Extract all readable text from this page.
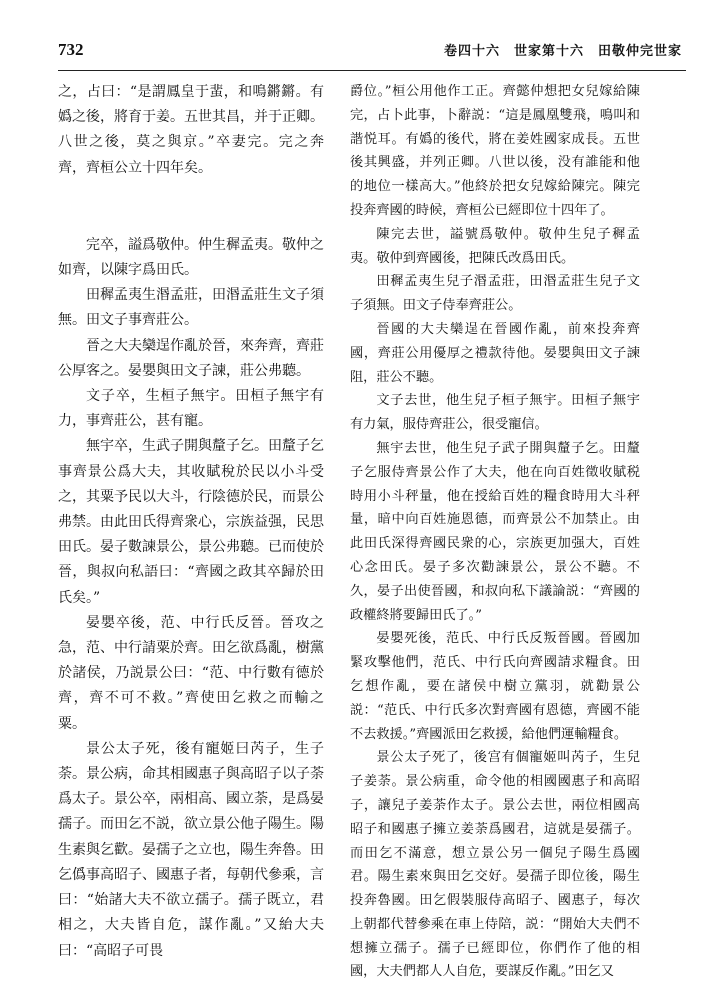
732	卷四十六　世家第十六　田敬仲完世家

之，占曰：“是謂鳳皇于蜚，和鳴鏘鏘。有嬀之後，將育于姜。五世其昌，并于正卿。八世之後，莫之與京。”卒妻完。完之奔齊，齊桓公立十四年矣。

完卒，謚爲敬仲。仲生穉孟夷。敬仲之如齊，以陳字爲田氏。

田穉孟夷生湣孟莊，田湣孟莊生文子須無。田文子事齊莊公。

晉之大夫欒逞作亂於晉，來奔齊，齊莊公厚客之。晏嬰與田文子諫，莊公弗聽。

文子卒，生桓子無宇。田桓子無宇有力，事齊莊公，甚有寵。

無宇卒，生武子開與釐子乞。田釐子乞事齊景公爲大夫，其收賦稅於民以小斗受之，其粟予民以大斗，行陰德於民，而景公弗禁。由此田氏得齊衆心，宗族益强，民思田氏。晏子數諫景公，景公弗聽。已而使於晉，與叔向私語曰：“齊國之政其卒歸於田氏矣。”

晏嬰卒後，范、中行氏反晉。晉攻之急，范、中行請粟於齊。田乞欲爲亂，樹黨於諸侯，乃説景公曰：“范、中行數有德於齊，齊不可不救。”齊使田乞救之而輸之粟。

景公太子死，後有寵姬曰芮子，生子荼。景公病，命其相國惠子與高昭子以子荼爲太子。景公卒，兩相高、國立荼，是爲晏孺子。而田乞不説，欲立景公他子陽生。陽生素與乞歡。晏孺子之立也，陽生奔魯。田乞僞事高昭子、國惠子者，每朝代參乘，言曰：“始諸大夫不欲立孺子。孺子既立，君相之，大夫皆自危，謀作亂。”又紿大夫曰：“高昭子可畏

爵位。”桓公用他作工正。齊懿仲想把女兒嫁給陳完，占卜此事，卜辭説：“這是鳳凰雙飛，鳴叫和諧悦耳。有嬀的後代，將在姜姓國家成長。五世後其興盛，并列正卿。八世以後，没有誰能和他的地位一樣高大。”他終於把女兒嫁給陳完。陳完投奔齊國的時候，齊桓公已經即位十四年了。

陳完去世，謚號爲敬仲。敬仲生兒子穉孟夷。敬仲到齊國後，把陳氏改爲田氏。

田穉孟夷生兒子湣孟莊，田湣孟莊生兒子文子須無。田文子侍奉齊莊公。

晉國的大夫欒逞在晉國作亂，前來投奔齊國，齊莊公用優厚之禮款待他。晏嬰與田文子諫阻，莊公不聽。

文子去世，他生兒子桓子無宇。田桓子無宇有力氣，服侍齊莊公，很受寵信。

無宇去世，他生兒子武子開與釐子乞。田釐子乞服侍齊景公作了大夫，他在向百姓徵收賦税時用小斗秤量，他在授給百姓的糧食時用大斗秤量，暗中向百姓施恩德，而齊景公不加禁止。由此田氏深得齊國民衆的心，宗族更加强大，百姓心念田氏。晏子多次勸諫景公，景公不聽。不久，晏子出使晉國，和叔向私下議論説：“齊國的政權終將要歸田氏了。”

晏嬰死後，范氏、中行氏反叛晉國。晉國加緊攻擊他們，范氏、中行氏向齊國請求糧食。田乞想作亂，要在諸侯中樹立黨羽，就勸景公説：“范氏、中行氏多次對齊國有恩德，齊國不能不去救援。”齊國派田乞救援，給他們運輸糧食。

景公太子死了，後宫有個寵姬叫芮子，生兒子姜荼。景公病重，命令他的相國國惠子和高昭子，讓兒子姜荼作太子。景公去世，兩位相國高昭子和國惠子擁立姜荼爲國君，這就是晏孺子。而田乞不滿意，想立景公另一個兒子陽生爲國君。陽生素來與田乞交好。晏孺子即位後，陽生投奔魯國。田乞假裝服侍高昭子、國惠子，每次上朝都代替參乘在車上侍陪，説：“開始大夫們不想擁立孺子。孺子已經即位，你們作了他的相國，大夫們都人人自危，要謀反作亂。”田乞又
